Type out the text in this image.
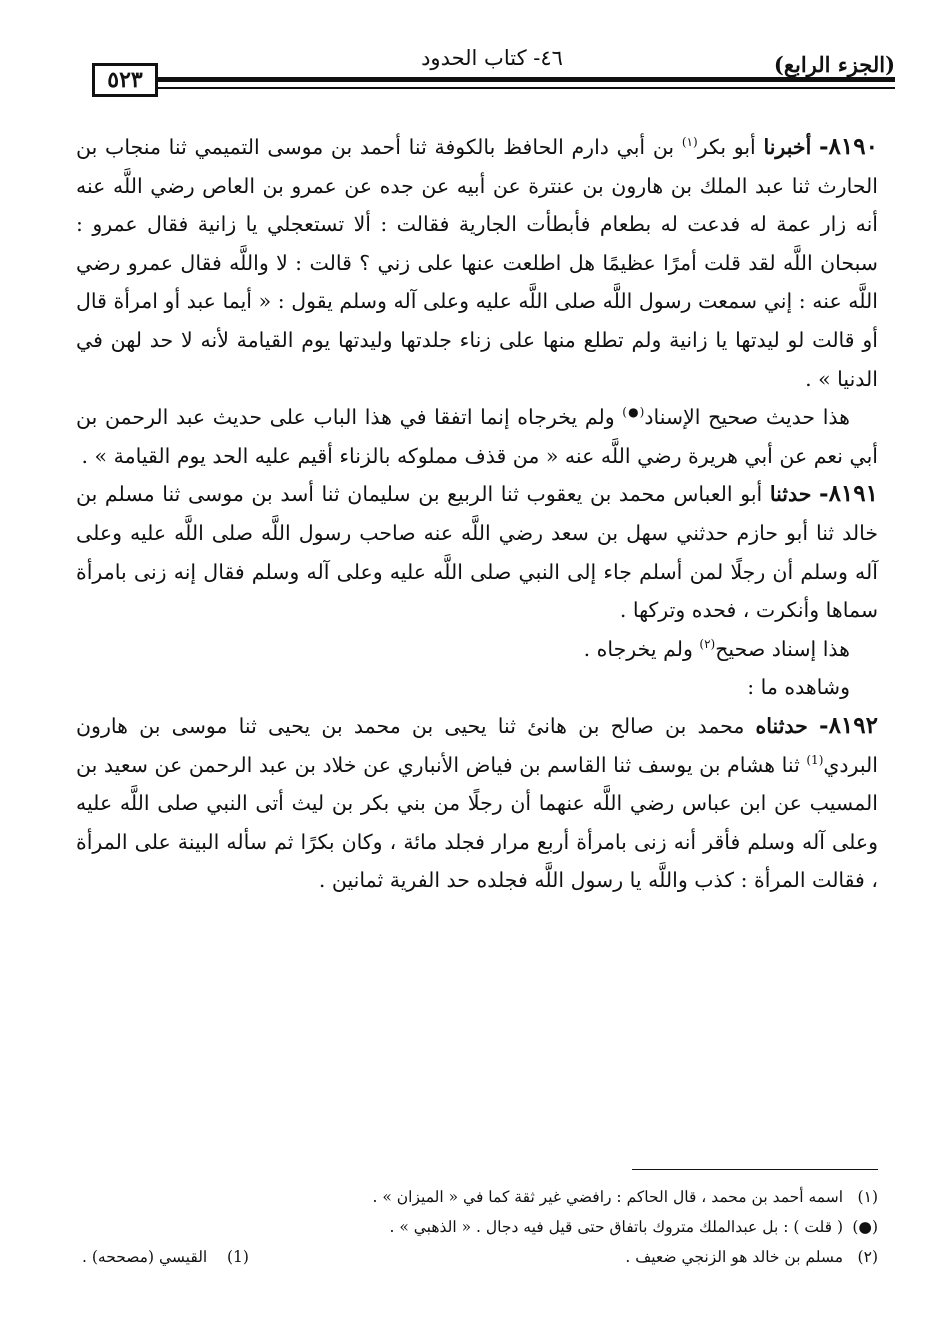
(الجزء الرابع)
٤٦- كتاب الحدود
٥٢٣

٨١٩٠- أخبرنا أبو بكر$^{(١)}$ بن أبي دارم الحافظ بالكوفة ثنا أحمد بن موسى التميمي ثنا منجاب بن الحارث ثنا عبد الملك بن هارون بن عنترة عن أبيه عن جده عن عمرو بن العاص رضي اللَّه عنه أنه زار عمة له فدعت له بطعام فأبطأت الجارية فقالت : ألا تستعجلي يا زانية فقال عمرو : سبحان اللَّه لقد قلت أمرًا عظيمًا هل اطلعت عنها على زني ؟ قالت : لا واللَّه فقال عمرو رضي اللَّه عنه : إني سمعت رسول اللَّه صلى اللَّه عليه وعلى آله وسلم يقول : « أيما عبد أو امرأة قال أو قالت لو ليدتها يا زانية ولم تطلع منها على زناء جلدتها وليدتها يوم القيامة لأنه لا حد لهن في الدنيا » .

هذا حديث صحيح الإسناد(●) ولم يخرجاه إنما اتفقا في هذا الباب على حديث عبد الرحمن بن أبي نعم عن أبي هريرة رضي اللَّه عنه « من قذف مملوكه بالزناء أقيم عليه الحد يوم القيامة » .

٨١٩١- حدثنا أبو العباس محمد بن يعقوب ثنا الربيع بن سليمان ثنا أسد بن موسى ثنا مسلم بن خالد ثنا أبو حازم حدثني سهل بن سعد رضي اللَّه عنه صاحب رسول اللَّه صلى اللَّه عليه وعلى آله وسلم أن رجلًا لمن أسلم جاء إلى النبي صلى اللَّه عليه وعلى آله وسلم فقال إنه زنى بامرأة سماها وأنكرت ، فحده وتركها .

هذا إسناد صحيح$^{(٢)}$ ولم يخرجاه .

وشاهده ما :

٨١٩٢- حدثناه محمد بن صالح بن هانئ ثنا يحيى بن محمد بن يحيى ثنا موسى بن هارون البردي$^{(1)}$ ثنا هشام بن يوسف ثنا القاسم بن فياض الأنباري عن خلاد بن عبد الرحمن عن سعيد بن المسيب عن ابن عباس رضي اللَّه عنهما أن رجلًا من بني بكر بن ليث أتى النبي صلى اللَّه عليه وعلى آله وسلم فأقر أنه زنى بامرأة أربع مرار فجلد مائة ، وكان بكرًا ثم سأله البينة على المرأة ، فقالت المرأة : كذب واللَّه يا رسول اللَّه فجلده حد الفرية ثمانين .

(١) اسمه أحمد بن محمد ، قال الحاكم : رافضي غير ثقة كما في « الميزان » .
(●) ( قلت ) : بل عبدالملك متروك باتفاق حتى قيل فيه دجال . « الذهبي » .
(٢) مسلم بن خالد هو الزنجي ضعيف .
(1)    القيسي (مصححه) .
